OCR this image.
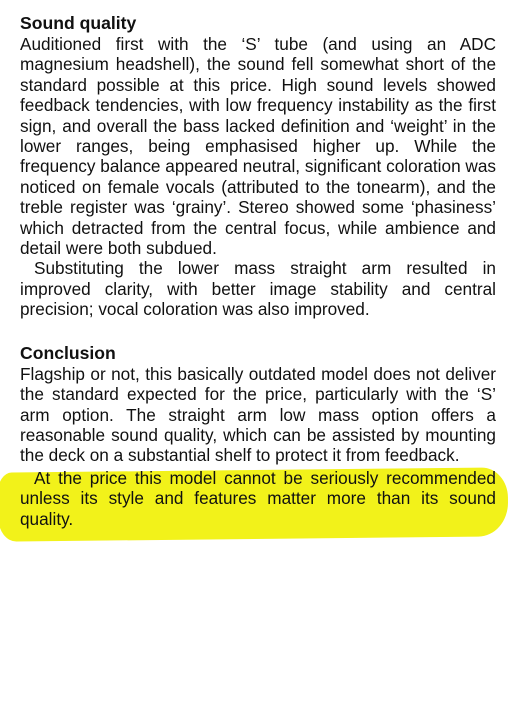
Sound quality

Auditioned first with the ‘S’ tube (and using an ADC magnesium headshell), the sound fell somewhat short of the standard possible at this price. High sound levels showed feedback tendencies, with low frequency instability as the first sign, and overall the bass lacked definition and ‘weight’ in the lower ranges, being emphasised higher up. While the frequency balance appeared neutral, significant coloration was noticed on female vocals (attributed to the tonearm), and the treble register was ‘grainy’. Stereo showed some ‘phasiness’ which detracted from the central focus, while ambience and detail were both subdued.

Substituting the lower mass straight arm resulted in improved clarity, with better image stability and central precision; vocal coloration was also improved.

Conclusion

Flagship or not, this basically outdated model does not deliver the standard expected for the price, particularly with the ‘S’ arm option. The straight arm low mass option offers a reasonable sound quality, which can be assisted by mounting the deck on a substantial shelf to protect it from feedback.

At the price this model cannot be seriously recommended unless its style and features matter more than its sound quality.
